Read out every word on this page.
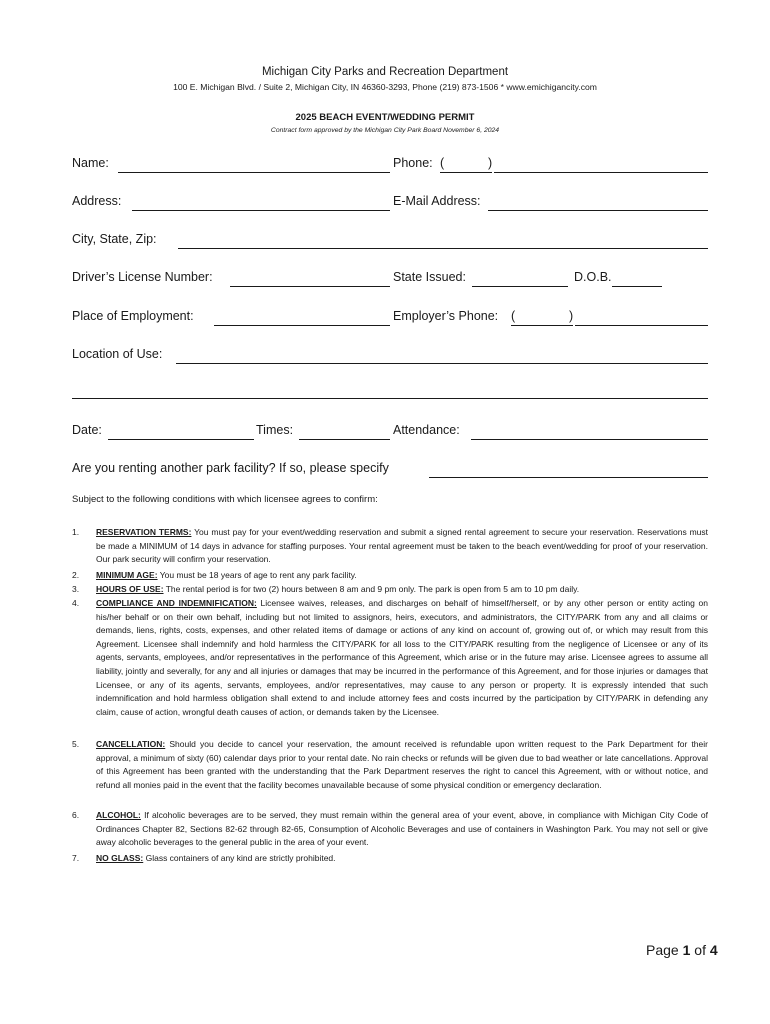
Michigan City Parks and Recreation Department
100 E. Michigan Blvd. / Suite 2, Michigan City, IN 46360-3293, Phone (219) 873-1506 * www.emichigancity.com
2025 BEACH EVENT/WEDDING PERMIT
Contract form approved by the Michigan City Park Board November 6, 2024
Name:	Phone: (	)
Address:	E-Mail Address:
City, State, Zip:
Driver’s License Number:	State Issued:	D.O.B.
Place of Employment:	Employer’s Phone: (	)
Location of Use:
Date:	Times:	Attendance:
Are you renting another park facility? If so, please specify
Subject to the following conditions with which licensee agrees to confirm:
1. RESERVATION TERMS: You must pay for your event/wedding reservation and submit a signed rental agreement to secure your reservation. Reservations must be made a MINIMUM of 14 days in advance for staffing purposes. Your rental agreement must be taken to the beach event/wedding for proof of your reservation. Our park security will confirm your reservation.
2. MINIMUM AGE: You must be 18 years of age to rent any park facility.
3. HOURS OF USE: The rental period is for two (2) hours between 8 am and 9 pm only. The park is open from 5 am to 10 pm daily.
4. COMPLIANCE AND INDEMNIFICATION: Licensee waives, releases, and discharges on behalf of himself/herself, or by any other person or entity acting on his/her behalf or on their own behalf, including but not limited to assignors, heirs, executors, and administrators, the CITY/PARK from any and all claims or demands, liens, rights, costs, expenses, and other related items of damage or actions of any kind on account of, growing out of, or which may result from this Agreement. Licensee shall indemnify and hold harmless the CITY/PARK for all loss to the CITY/PARK resulting from the negligence of Licensee or any of its agents, servants, employees, and/or representatives in the performance of this Agreement, which arise or in the future may arise. Licensee agrees to assume all liability, jointly and severally, for any and all injuries or damages that may be incurred in the performance of this Agreement, and for those injuries or damages that Licensee, or any of its agents, servants, employees, and/or representatives, may cause to any person or property. It is expressly intended that such indemnification and hold harmless obligation shall extend to and include attorney fees and costs incurred by the participation by CITY/PARK in defending any claim, cause of action, wrongful death causes of action, or demands taken by the Licensee.
5. CANCELLATION: Should you decide to cancel your reservation, the amount received is refundable upon written request to the Park Department for their approval, a minimum of sixty (60) calendar days prior to your rental date. No rain checks or refunds will be given due to bad weather or late cancellations. Approval of this Agreement has been granted with the understanding that the Park Department reserves the right to cancel this Agreement, with or without notice, and refund all monies paid in the event that the facility becomes unavailable because of some physical condition or emergency declaration.
6. ALCOHOL: If alcoholic beverages are to be served, they must remain within the general area of your event, above, in compliance with Michigan City Code of Ordinances Chapter 82, Sections 82-62 through 82-65, Consumption of Alcoholic Beverages and use of containers in Washington Park. You may not sell or give away alcoholic beverages to the general public in the area of your event.
7. NO GLASS: Glass containers of any kind are strictly prohibited.
Page 1 of 4
